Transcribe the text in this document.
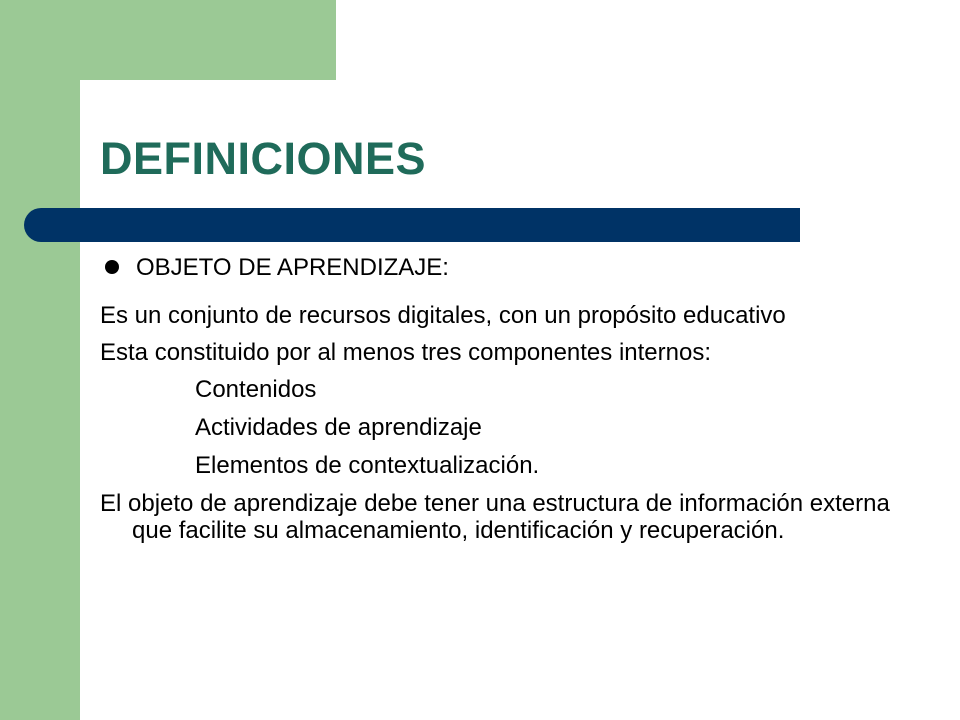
DEFINICIONES
OBJETO DE APRENDIZAJE:

Es un conjunto de recursos digitales, con un propósito educativo

Esta constituido por al menos tres componentes internos:

Contenidos

Actividades de aprendizaje

Elementos de contextualización.

El objeto de aprendizaje debe tener una estructura de información externa que facilite su almacenamiento, identificación y recuperación.
